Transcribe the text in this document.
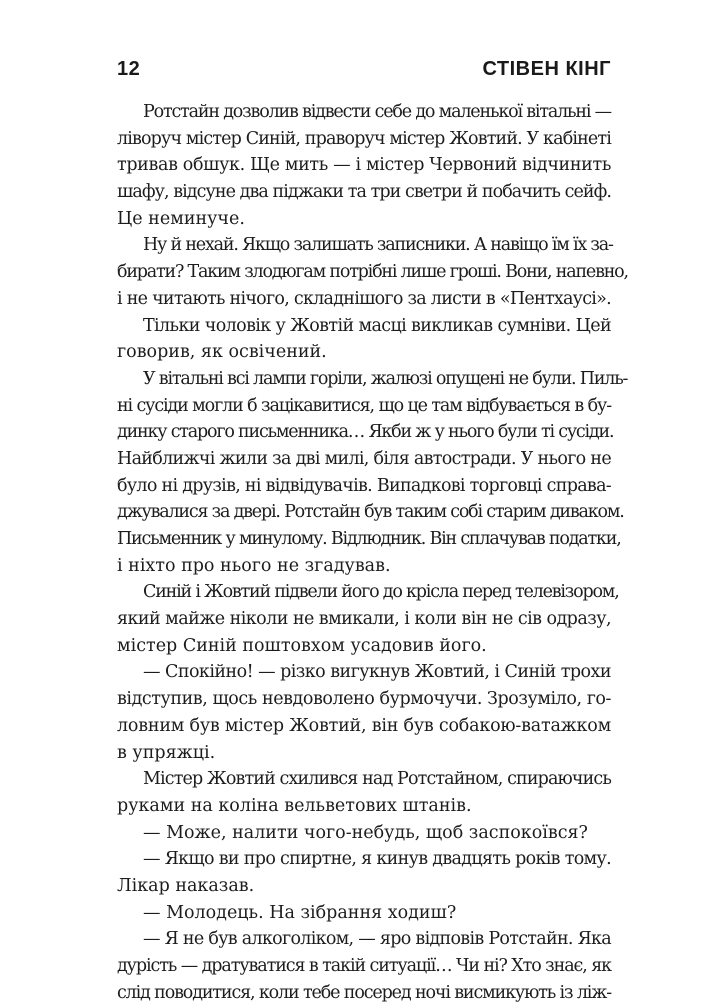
12	СТІВЕН КІНГ
Ротстайн дозволив відвести себе до маленької вітальні —
ліворуч містер Синій, праворуч містер Жовтий. У кабінеті
тривав обшук. Ще мить — і містер Червоний відчинить
шафу, відсуне два піджаки та три светри й побачить сейф.
Це неминуче.
Ну й нехай. Якщо залишать записники. А навіщо їм їх за-
бирати? Таким злодюгам потрібні лише гроші. Вони, напевно,
і не читають нічого, складнішого за листи в «Пентхаусі».
Тільки чоловік у Жовтій масці викликав сумніви. Цей
говорив, як освічений.
У вітальні всі лампи горіли, жалюзі опущені не були. Пиль-
ні сусіди могли б зацікавитися, що це там відбувається в бу-
динку старого письменника… Якби ж у нього були ті сусіди.
Найближчі жили за дві милі, біля автостради. У нього не
було ні друзів, ні відвідувачів. Випадкові торговці справа-
джувалися за двері. Ротстайн був таким собі старим диваком.
Письменник у минулому. Відлюдник. Він сплачував податки,
і ніхто про нього не згадував.
Синій і Жовтий підвели його до крісла перед телевізором,
який майже ніколи не вмикали, і коли він не сів одразу,
містер Синій поштовхом усадовив його.
— Спокійно! — різко вигукнув Жовтий, і Синій трохи
відступив, щось невдоволено бурмочучи. Зрозуміло, го-
ловним був містер Жовтий, він був собакою-ватажком
в упряжці.
Містер Жовтий схилився над Ротстайном, спираючись
руками на коліна вельветових штанів.
— Може, налити чого-небудь, щоб заспокоївся?
— Якщо ви про спиртне, я кинув двадцять років тому.
Лікар наказав.
— Молодець. На зібрання ходиш?
— Я не був алкоголіком, — яро відповів Ротстайн. Яка
дурість — дратуватися в такій ситуації… Чи ні? Хто знає, як
слід поводитися, коли тебе посеред ночі висмикують із ліж-
